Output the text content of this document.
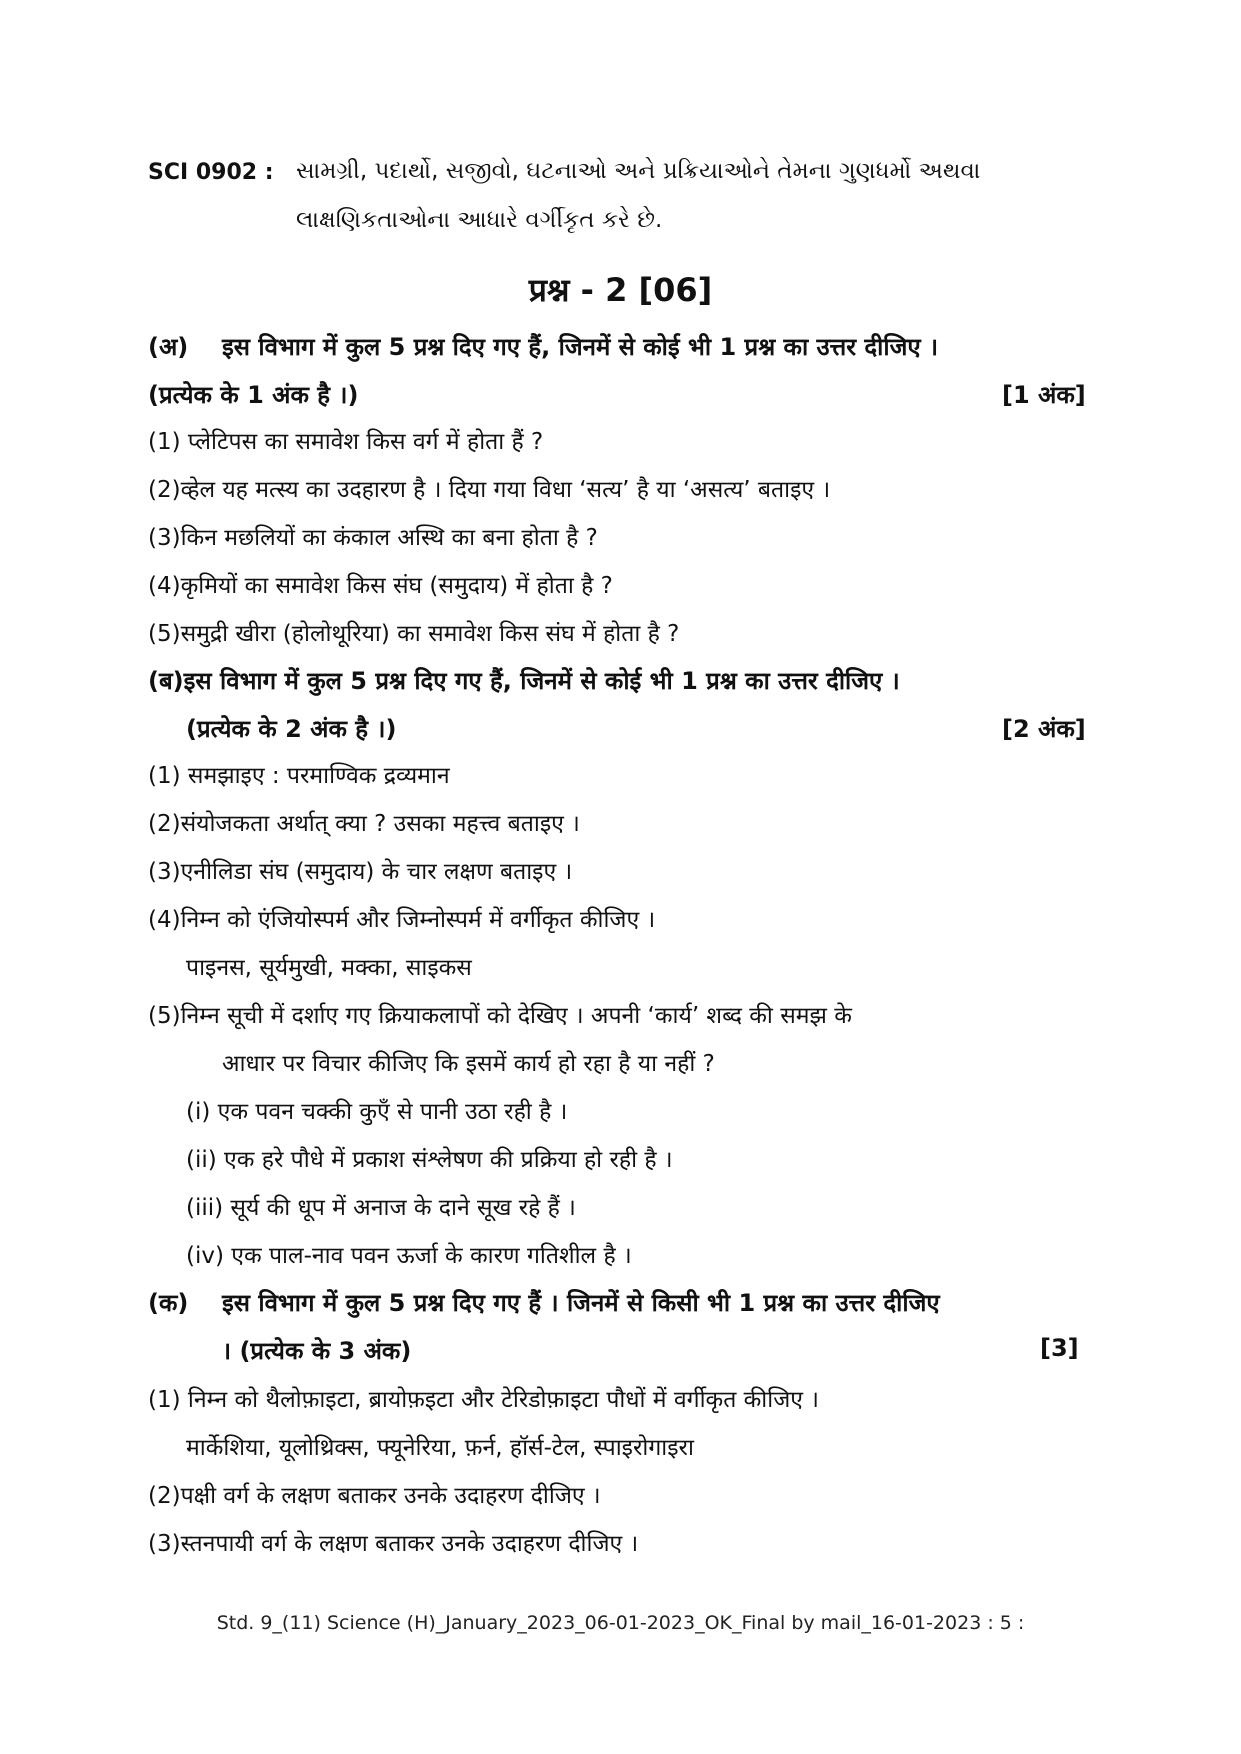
SCI 0902 : સામગ્રી, પદાર્થો, સજીવો, ઘટનાઓ અને પ્રક્રિયાઓને તેમના ગુણધર્મો અથવા
લાક્ષણિકતાઓના આધારે વર્ગીકૃત કરે છે.
प्रश्न - 2 [06]
(अ) इस विभाग में कुल 5 प्रश्न दिए गए हैं, जिनमें से कोई भी 1 प्रश्न का उत्तर दीजिए ।
(प्रत्येक के 1 अंक है ।)	[1 अंक]
(1) प्लेटिपस का समावेश किस वर्ग में होता हैं ?
(2)व्हेल यह मत्स्य का उदहारण है । दिया गया विधा ‘सत्य’ है या ‘असत्य’ बताइए ।
(3)किन मछलियों का कंकाल अस्थि का बना होता है ?
(4)कृमियों का समावेश किस संघ (समुदाय) में होता है ?
(5)समुद्री खीरा (होलोथूरिया) का समावेश किस संघ में होता है ?
(ब)इस विभाग में कुल 5 प्रश्न दिए गए हैं, जिनमें से कोई भी 1 प्रश्न का उत्तर दीजिए ।
(प्रत्येक के 2 अंक है ।)	[2 अंक]
(1) समझाइए : परमाण्विक द्रव्यमान
(2)संयोजकता अर्थात् क्या ? उसका महत्त्व बताइए ।
(3)एनीलिडा संघ (समुदाय) के चार लक्षण बताइए ।
(4)निम्न को एंजियोस्पर्म और जिम्नोस्पर्म में वर्गीकृत कीजिए ।
पाइनस, सूर्यमुखी, मक्का, साइकस
(5)निम्न सूची में दर्शाए गए क्रियाकलापों को देखिए । अपनी ‘कार्य’ शब्द की समझ के
आधार पर विचार कीजिए कि इसमें कार्य हो रहा है या नहीं ?
(i) एक पवन चक्की कुएँ से पानी उठा रही है ।
(ii) एक हरे पौधे में प्रकाश संश्लेषण की प्रक्रिया हो रही है ।
(iii) सूर्य की धूप में अनाज के दाने सूख रहे हैं ।
(iv) एक पाल-नाव पवन ऊर्जा के कारण गतिशील है ।
(क) इस विभाग में कुल 5 प्रश्न दिए गए हैं । जिनमें से किसी भी 1 प्रश्न का उत्तर दीजिए
। (प्रत्येक के 3 अंक)	[3]
(1) निम्न को थैलोफ़ाइटा, ब्रायोफ़इटा और टेरिडोफ़ाइटा पौधों में वर्गीकृत कीजिए ।
मार्केशिया, यूलोथ्रिक्स, फ्यूनेरिया, फ़र्न, हॉर्स-टेल, स्पाइरोगाइरा
(2)पक्षी वर्ग के लक्षण बताकर उनके उदाहरण दीजिए ।
(3)स्तनपायी वर्ग के लक्षण बताकर उनके उदाहरण दीजिए ।
Std. 9_(11) Science (H)_January_2023_06-01-2023_OK_Final by mail_16-01-2023 : 5 :
